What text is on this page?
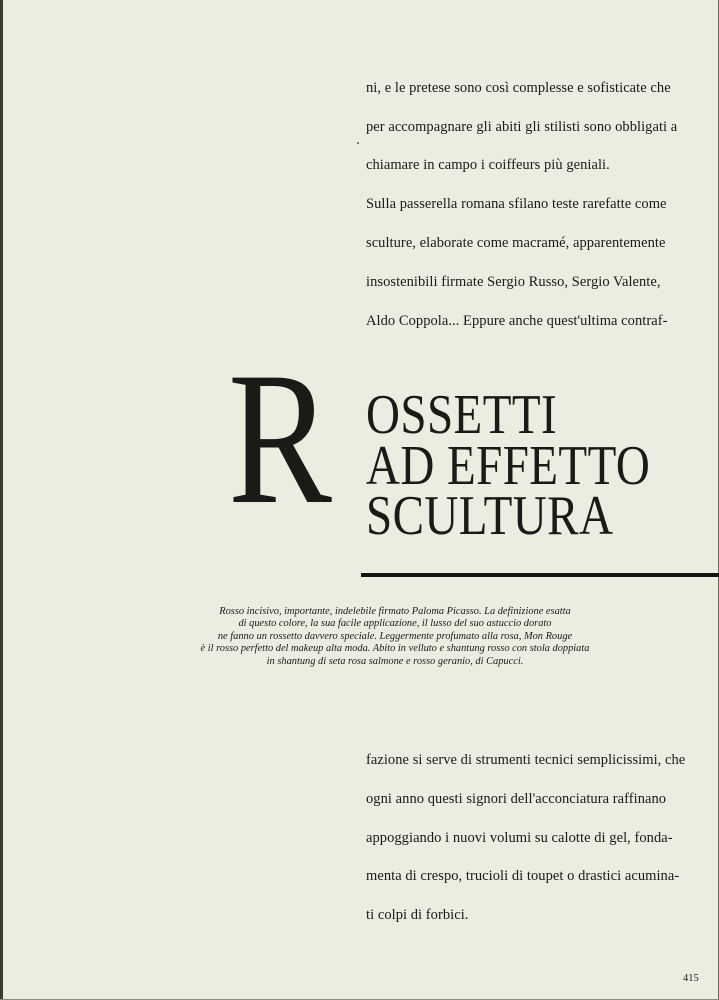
ni, e le pretese sono così complesse e sofisticate che
per accompagnare gli abiti gli stilisti sono obbligati a
chiamare in campo i coiffeurs più geniali.
Sulla passerella romana sfilano teste rarefatte come
sculture, elaborate come macramé, apparentemente
insostenibili firmate Sergio Russo, Sergio Valente,
Aldo Coppola... Eppure anche quest'ultima contraf-
R OSSETTI
AD EFFETTO
SCULTURA
Rosso incisivo, importante, indelebile firmato Paloma Picasso. La definizione esatta
di questo colore, la sua facile applicazione, il lusso del suo astuccio dorato
ne fanno un rossetto davvero speciale. Leggermente profumato alla rosa, Mon Rouge
è il rosso perfetto del makeup alta moda. Abito in velluto e shantung rosso con stola doppiata
in shantung di seta rosa salmone e rosso geranio, di Capucci.
fazione si serve di strumenti tecnici semplicissimi, che
ogni anno questi signori dell'acconciatura raffinano
appoggiando i nuovi volumi su calotte di gel, fonda-
menta di crespo, trucioli di toupet o drastici acumina-
ti colpi di forbici.
415
